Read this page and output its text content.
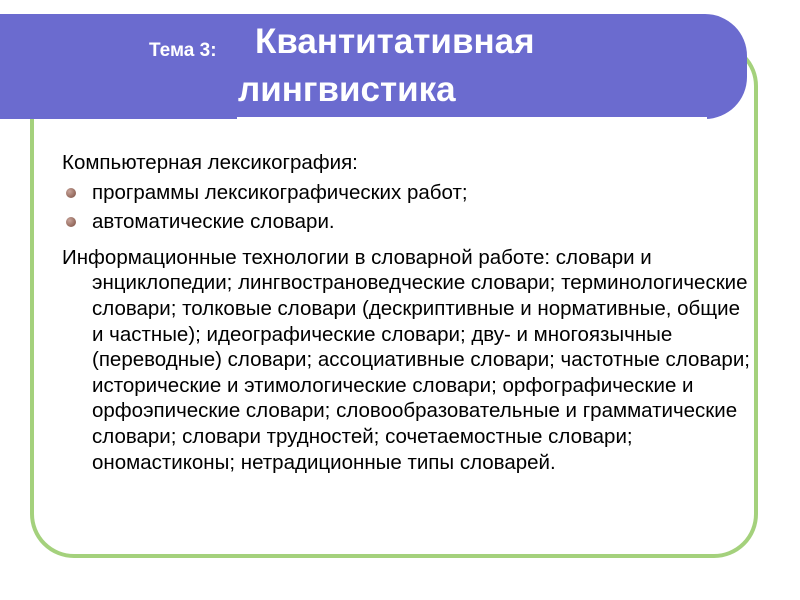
Тема 3: Квантитативная
лингвистика

Компьютерная лексикография:

программы лексикографических работ;
автоматические словари.

Информационные технологии в словарной работе: словари и энциклопедии; лингвострановедческие словари; терминологические словари; толковые словари (дескриптивные и нормативные, общие и частные); идеографические словари; дву- и многоязычные (переводные) словари; ассоциативные словари; частотные словари; исторические и этимологические словари; орфографические и орфоэпические словари; словообразовательные и грамматические словари; словари трудностей; сочетаемостные словари; ономастиконы; нетрадиционные типы словарей.
